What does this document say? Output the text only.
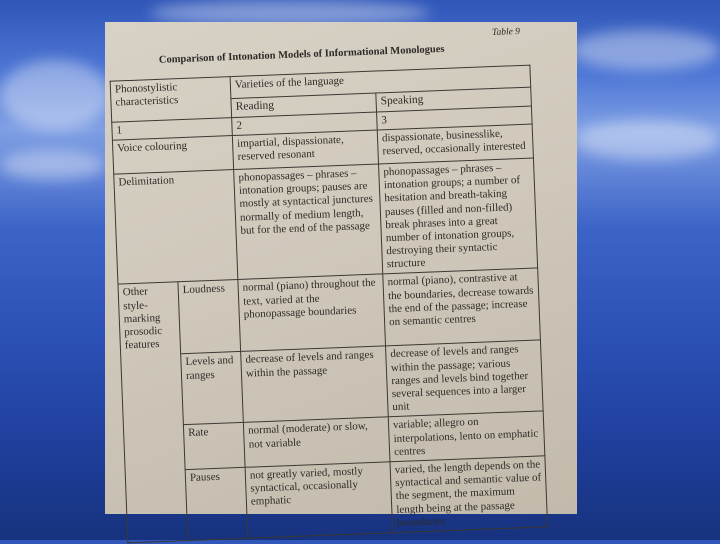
Table 9
Comparison of Intonation Models of Informational Monologues
Phonostylistic characteristics		Varieties of the language	
		Reading	Speaking
1		2	3
Voice colouring		impartial, dispassionate, reserved resonant	dispassionate, businesslike, reserved, occasionally interested
Delimitation		phonopassages – phrases – intonation groups; pauses are mostly at syntactical junctures normally of medium length, but for the end of the passage	phonopassages – phrases – intonation groups; a number of hesitation and breath-taking pauses (filled and non-filled) break phrases into a great number of intonation groups, destroying their syntactic structure
Other style-marking prosodic features	Loudness	normal (piano) throughout the text, varied at the phonopassage boundaries	normal (piano), contrastive at the boundaries, decrease towards the end of the passage; increase on semantic centres
	Levels and ranges	decrease of levels and ranges within the passage	decrease of levels and ranges within the passage; various ranges and levels bind together several sequences into a larger unit
	Rate	normal (moderate) or slow, not variable	variable; allegro on interpolations, lento on emphatic centres
	Pauses	not greatly varied, mostly syntactical, occasionally emphatic	varied, the length depends on the syntactical and semantic value of the segment, the maximum length being at the passage boundaries
